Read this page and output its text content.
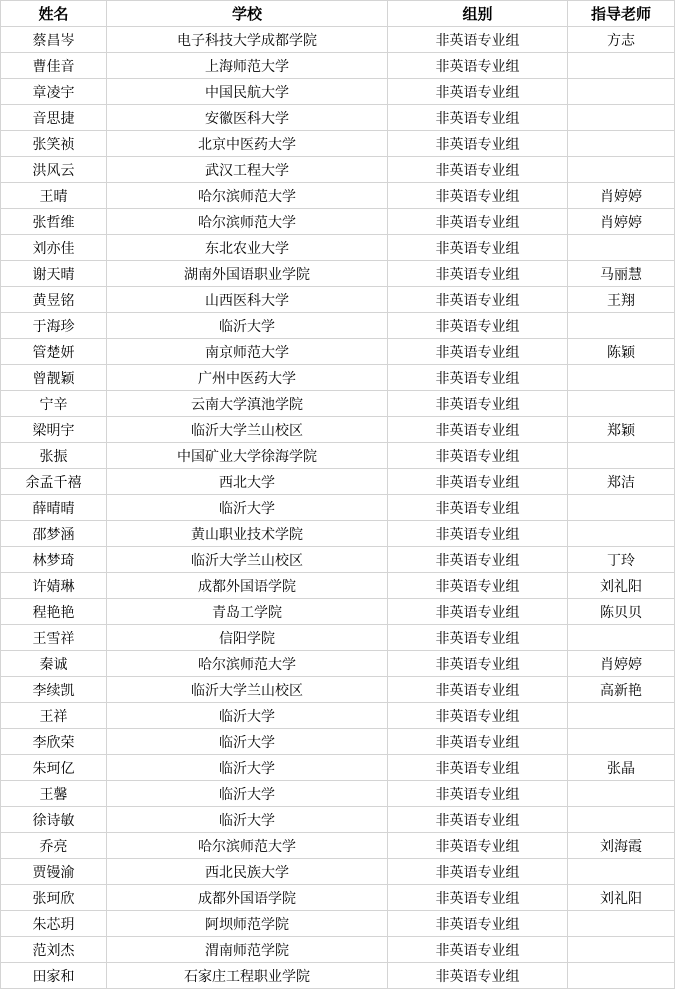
姓名	学校	组别	指导老师
蔡昌岑	电子科技大学成都学院	非英语专业组	方志
曹佳音	上海师范大学	非英语专业组	
章凌宇	中国民航大学	非英语专业组	
音思捷	安徽医科大学	非英语专业组	
张笑祯	北京中医药大学	非英语专业组	
洪风云	武汉工程大学	非英语专业组	
王晴	哈尔滨师范大学	非英语专业组	肖婷婷
张哲维	哈尔滨师范大学	非英语专业组	肖婷婷
刘亦佳	东北农业大学	非英语专业组	
谢天晴	湖南外国语职业学院	非英语专业组	马丽慧
黄昱铭	山西医科大学	非英语专业组	王翔
于海珍	临沂大学	非英语专业组	
管楚妍	南京师范大学	非英语专业组	陈颖
曾靓颖	广州中医药大学	非英语专业组	
宁辛	云南大学滇池学院	非英语专业组	
梁明宇	临沂大学兰山校区	非英语专业组	郑颖
张振	中国矿业大学徐海学院	非英语专业组	
余孟千禧	西北大学	非英语专业组	郑洁
薛晴晴	临沂大学	非英语专业组	
邵梦涵	黄山职业技术学院	非英语专业组	
林梦琦	临沂大学兰山校区	非英语专业组	丁玲
许婧琳	成都外国语学院	非英语专业组	刘礼阳
程艳艳	青岛工学院	非英语专业组	陈贝贝
王雪祥	信阳学院	非英语专业组	
秦诚	哈尔滨师范大学	非英语专业组	肖婷婷
李续凯	临沂大学兰山校区	非英语专业组	高新艳
王祥	临沂大学	非英语专业组	
李欣荣	临沂大学	非英语专业组	
朱珂亿	临沂大学	非英语专业组	张晶
王馨	临沂大学	非英语专业组	
徐诗敏	临沂大学	非英语专业组	
乔亮	哈尔滨师范大学	非英语专业组	刘海霞
贾镘渝	西北民族大学	非英语专业组	
张珂欣	成都外国语学院	非英语专业组	刘礼阳
朱芯玥	阿坝师范学院	非英语专业组	
范刘杰	渭南师范学院	非英语专业组	
田家和	石家庄工程职业学院	非英语专业组	
